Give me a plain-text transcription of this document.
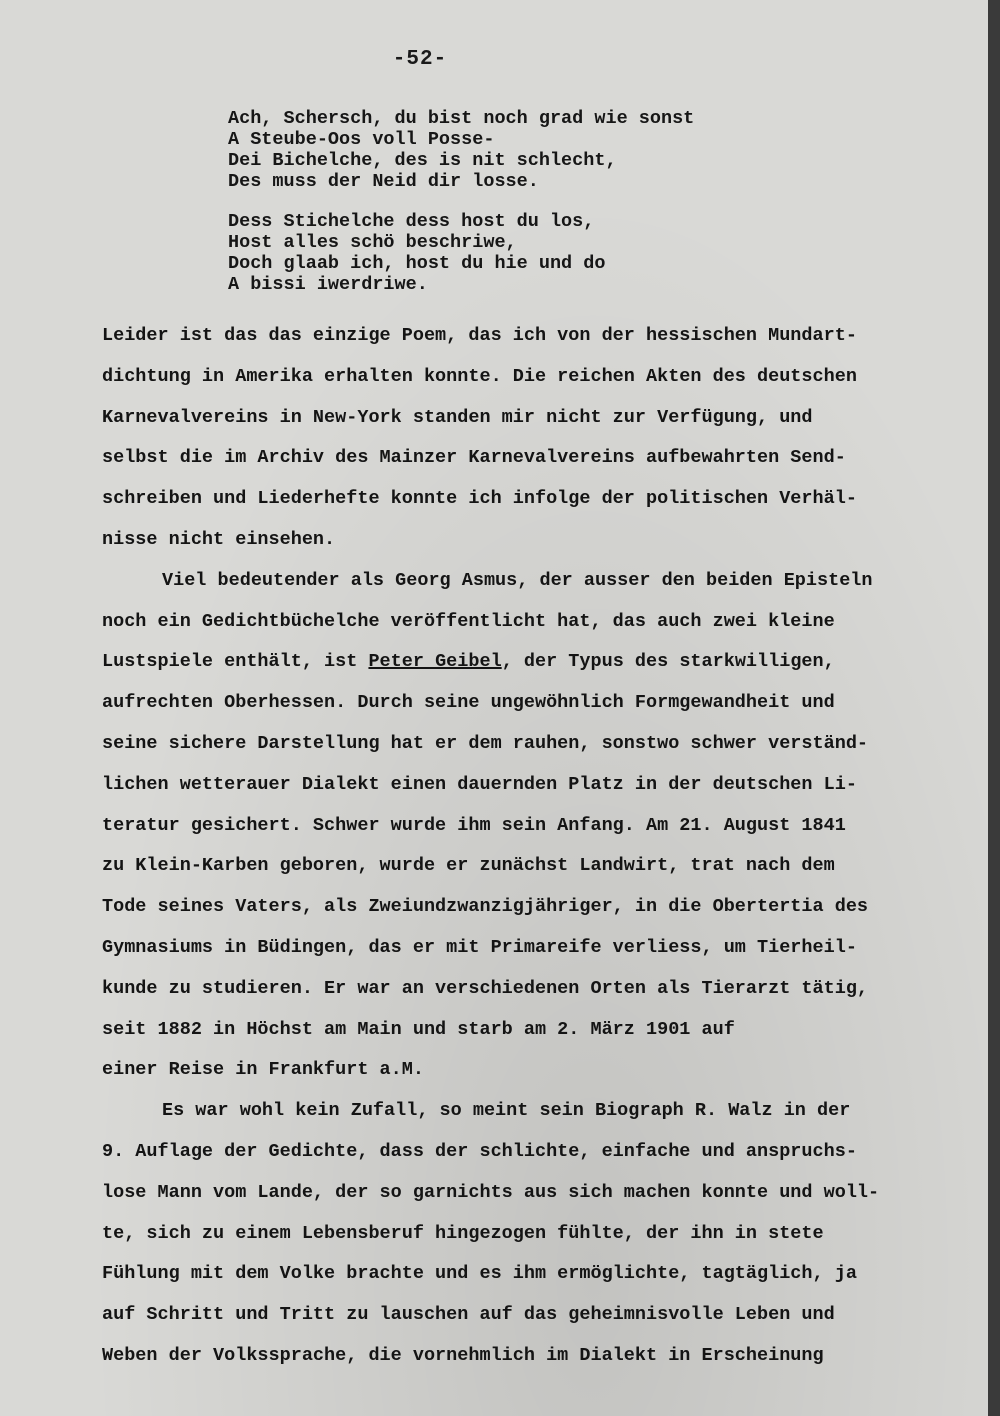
-52-
Ach, Schersch, du bist noch grad wie sonst
A Steube-Oos voll Posse-
Dei Bichelche, des is nit schlecht,
Des muss der Neid dir losse.
Dess Stichelche dess host du los,
Host alles schö beschriwe,
Doch glaab ich, host du hie und do
A bissi iwerdriwe.
Leider ist das das einzige Poem, das ich von der hessischen Mundart-
dichtung in Amerika erhalten konnte. Die reichen Akten des deutschen
Karnevalvereins in New-York standen mir nicht zur Verfügung, und
selbst die im Archiv des Mainzer Karnevalvereins aufbewahrten Send-
schreiben und Liederhefte konnte ich infolge der politischen Verhäl-
nisse nicht einsehen.
Viel bedeutender als Georg Asmus, der ausser den beiden Episteln
noch ein Gedichtbüchelche veröffentlicht hat, das auch zwei kleine
Lustspiele enthält, ist Peter Geibel, der Typus des starkwilligen,
aufrechten Oberhessen. Durch seine ungewöhnlich Formgewandheit und
seine sichere Darstellung hat er dem rauhen, sonstwo schwer verständ-
lichen wetterauer Dialekt einen dauernden Platz in der deutschen Li-
teratur gesichert. Schwer wurde ihm sein Anfang. Am 21. August 1841
zu Klein-Karben geboren, wurde er zunächst Landwirt, trat nach dem
Tode seines Vaters, als Zweiundzwanzigjähriger, in die Obertertia des
Gymnasiums in Büdingen, das er mit Primareife verliess, um Tierheil-
kunde zu studieren. Er war an verschiedenen Orten als Tierarzt tätig,
seit 1882 in Höchst am Main und starb am 2. März 1901 auf
einer Reise in Frankfurt a.M.
Es war wohl kein Zufall, so meint sein Biograph R. Walz in der
9. Auflage der Gedichte, dass der schlichte, einfache und anspruchs-
lose Mann vom Lande, der so garnichts aus sich machen konnte und woll-
te, sich zu einem Lebensberuf hingezogen fühlte, der ihn in stete
Fühlung mit dem Volke brachte und es ihm ermöglichte, tagtäglich, ja
auf Schritt und Tritt zu lauschen auf das geheimnisvolle Leben und
Weben der Volkssprache, die vornehmlich im Dialekt in Erscheinung
